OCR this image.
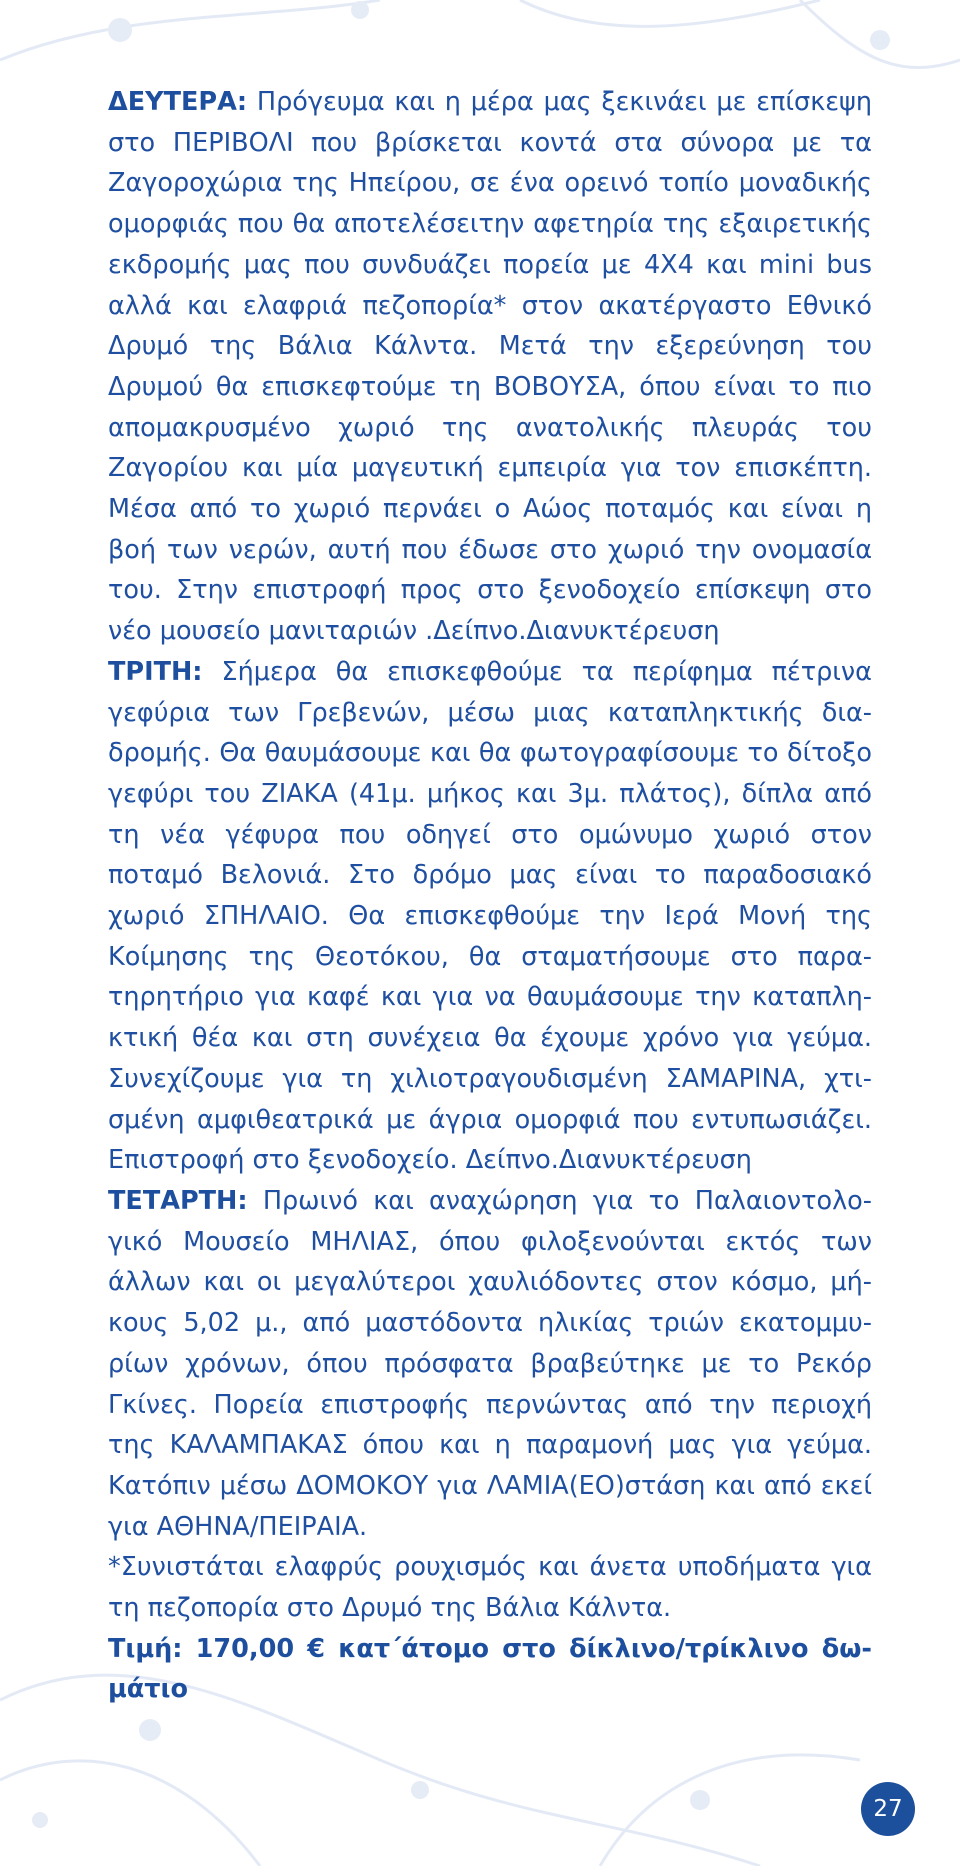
ΔΕΥΤΕΡΑ: Πρόγευμα και η μέρα μας ξεκινάει με επίσκεψη στο ΠΕΡΙΒΟΛΙ που βρίσκεται κοντά στα σύνορα με τα Ζαγοροχώρια της Ηπείρου, σε ένα ορεινό τοπίο μοναδικής ομορφιάς που θα αποτελέσειτην αφετηρία της εξαιρετικής εκδρομής μας που συνδυάζει πορεία με 4Χ4 και mini bus αλλά και ελαφριά πεζοπορία* στον ακατέργαστο Εθνικό Δρυμό της Βάλια Κάλντα. Μετά την εξερεύνηση του Δρυμού θα επισκεφτούμε τη ΒΟΒΟΥΣΑ, όπου είναι το πιο απομακρυσμένο χωριό της ανατολικής πλευράς του Ζαγορίου και μία μαγευτική εμπειρία για τον επισκέπτη. Μέσα από το χωριό περνάει ο Αώος ποταμός και είναι η βοή των νερών, αυτή που έδωσε στο χωριό την ονομασία του. Στην επιστροφή προς στο ξενοδοχείο επίσκεψη στο νέο μουσείο μανιταριών .Δείπνο.Διανυκτέρευση

ΤΡΙΤΗ: Σήμερα θα επισκεφθούμε τα περίφημα πέτρινα γεφύρια των Γρεβενών, μέσω μιας καταπληκτικής διαδρομής. Θα θαυμάσουμε και θα φωτογραφίσουμε το δίτοξο γεφύρι του ΖΙΑΚΑ (41μ. μήκος και 3μ. πλάτος), δίπλα από τη νέα γέφυρα που οδηγεί στο ομώνυμο χωριό στον ποταμό Βελονιά. Στο δρόμο μας είναι το παραδοσιακό χωριό ΣΠΗΛΑΙΟ. Θα επισκεφθούμε την Ιερά Μονή της Κοίμησης της Θεοτόκου, θα σταματήσουμε στο παρατηρητήριο για καφέ και για να θαυμάσουμε την καταπληκτική θέα και στη συνέχεια θα έχουμε χρόνο για γεύμα. Συνεχίζουμε για τη χιλιοτραγουδισμένη ΣΑΜΑΡΙΝΑ, χτισμένη αμφιθεατρικά με άγρια ομορφιά που εντυπωσιάζει. Επιστροφή στο ξενοδοχείο. Δείπνο.Διανυκτέρευση

ΤΕΤΑΡΤΗ: Πρωινό και αναχώρηση για το Παλαιοντολογικό Μουσείο ΜΗΛΙΑΣ, όπου φιλοξενούνται εκτός των άλλων και οι μεγαλύτεροι χαυλιόδοντες στον κόσμο, μήκους 5,02 μ., από μαστόδοντα ηλικίας τριών εκατομμυρίων χρόνων, όπου πρόσφατα βραβεύτηκε με το Ρεκόρ Γκίνες. Πορεία επιστροφής περνώντας από την περιοχή της ΚΑΛΑΜΠΑΚΑΣ όπου και η παραμονή μας για γεύμα. Κατόπιν μέσω ΔΟΜΟΚΟΥ για ΛΑΜΙΑ(ΕΟ)στάση και από εκεί για ΑΘΗΝΑ/ΠΕΙΡΑΙΑ.

*Συνιστάται ελαφρύς ρουχισμός και άνετα υποδήματα για τη πεζοπορία στο Δρυμό της Βάλια Κάλντα.

Τιμή: 170,00 € κατ΄άτομο στο δίκλινο/τρίκλινο δωμάτιο

27
